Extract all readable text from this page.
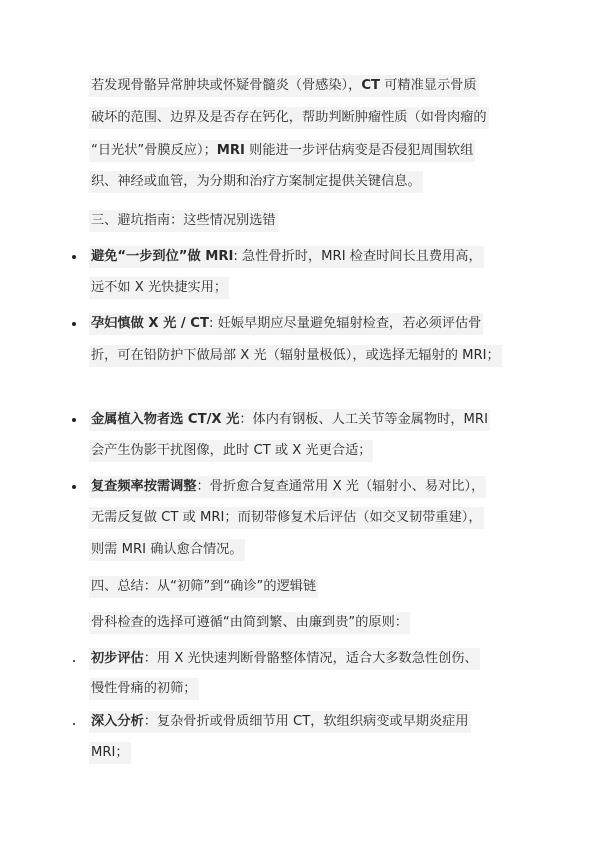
若发现骨骼异常肿块或怀疑骨髓炎（骨感染），CT 可精准显示骨质
破坏的范围、边界及是否存在钙化，帮助判断肿瘤性质（如骨肉瘤的
“日光状”骨膜反应）；MRI 则能进一步评估病变是否侵犯周围软组
织、神经或血管，为分期和治疗方案制定提供关键信息。
三、避坑指南：这些情况别选错
避免“一步到位”做 MRI: 急性骨折时，MRI 检查时间长且费用高，
远不如 X 光快捷实用；
孕妇慎做 X 光 / CT: 妊娠早期应尽量避免辐射检查，若必须评估骨
折，可在铅防护下做局部 X 光（辐射量极低），或选择无辐射的 MRI；
金属植入物者选 CT/X 光：体内有钢板、人工关节等金属物时，MRI
会产生伪影干扰图像，此时 CT 或 X 光更合适；
复查频率按需调整：骨折愈合复查通常用 X 光（辐射小、易对比），
无需反复做 CT 或 MRI；而韧带修复术后评估（如交叉韧带重建），
则需 MRI 确认愈合情况。
四、总结：从“初筛”到“确诊”的逻辑链
骨科检查的选择可遵循“由简到繁、由廉到贵”的原则：
初步评估：用 X 光快速判断骨骼整体情况，适合大多数急性创伤、
慢性骨痛的初筛；
深入分析：复杂骨折或骨质细节用 CT，软组织病变或早期炎症用
MRI；
